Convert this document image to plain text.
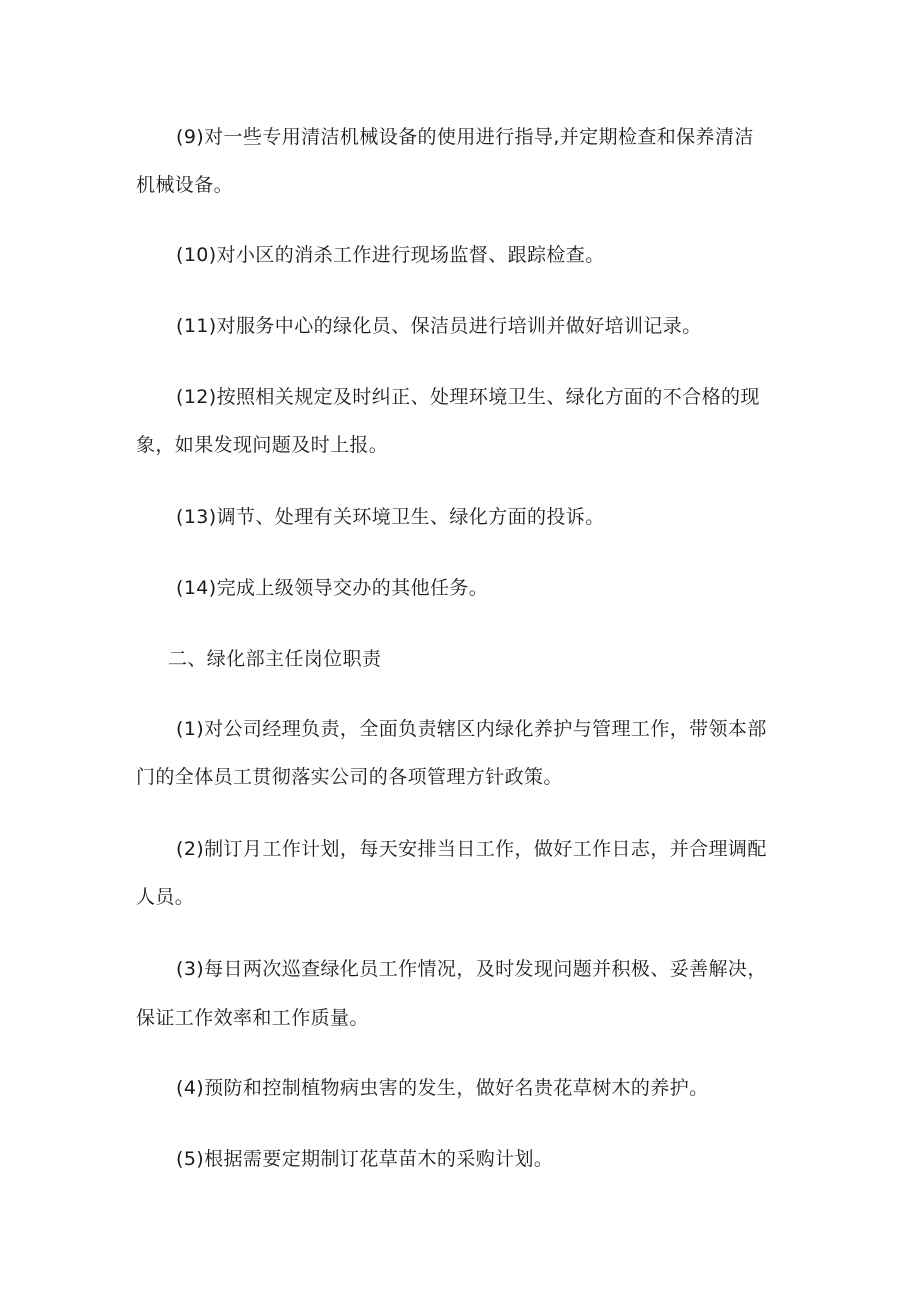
(9)对一些专用清洁机械设备的使用进行指导,并定期检查和保养清洁
机械设备。
(10)对小区的消杀工作进行现场监督、跟踪检查。
(11)对服务中心的绿化员、保洁员进行培训并做好培训记录。
(12)按照相关规定及时纠正、处理环境卫生、绿化方面的不合格的现
象，如果发现问题及时上报。
(13)调节、处理有关环境卫生、绿化方面的投诉。
(14)完成上级领导交办的其他任务。
二、绿化部主任岗位职责
(1)对公司经理负责，全面负责辖区内绿化养护与管理工作，带领本部
门的全体员工贯彻落实公司的各项管理方针政策。
(2)制订月工作计划，每天安排当日工作，做好工作日志，并合理调配
人员。
(3)每日两次巡查绿化员工作情况，及时发现问题并积极、妥善解决，
保证工作效率和工作质量。
(4)预防和控制植物病虫害的发生，做好名贵花草树木的养护。
(5)根据需要定期制订花草苗木的采购计划。
